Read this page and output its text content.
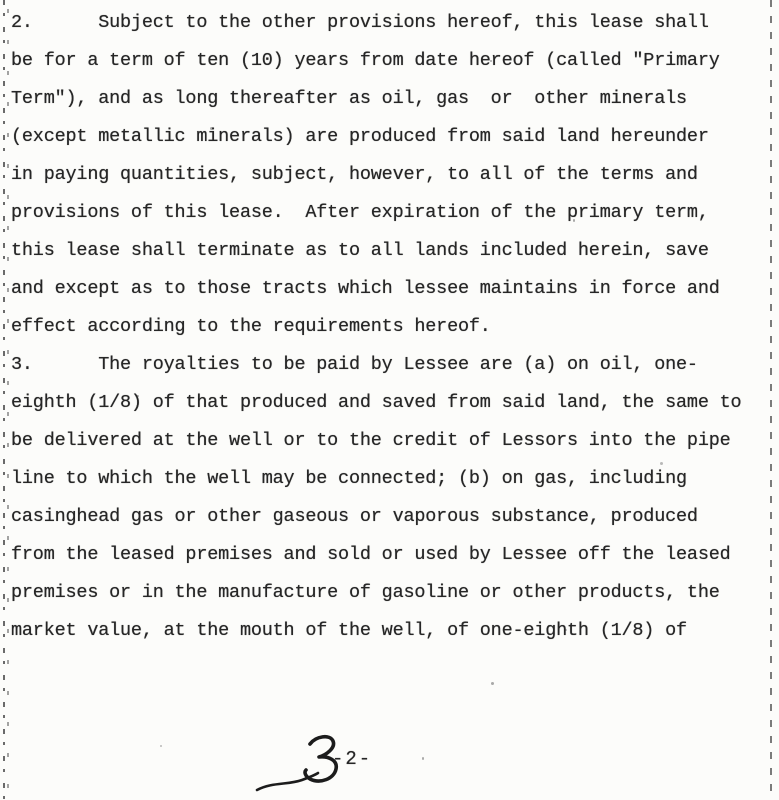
2.      Subject to the other provisions hereof, this lease shall
be for a term of ten (10) years from date hereof (called "Primary
Term"), and as long thereafter as oil, gas  or  other minerals
(except metallic minerals) are produced from said land hereunder
in paying quantities, subject, however, to all of the terms and
provisions of this lease.  After expiration of the primary term,
this lease shall terminate as to all lands included herein, save
and except as to those tracts which lessee maintains in force and
effect according to the requirements hereof.
3.      The royalties to be paid by Lessee are (a) on oil, one-
eighth (1/8) of that produced and saved from said land, the same to
be delivered at the well or to the credit of Lessors into the pipe
line to which the well may be connected; (b) on gas, including
casinghead gas or other gaseous or vaporous substance, produced
from the leased premises and sold or used by Lessee off the leased
premises or in the manufacture of gasoline or other products, the
market value, at the mouth of the well, of one-eighth (1/8) of
-2-
